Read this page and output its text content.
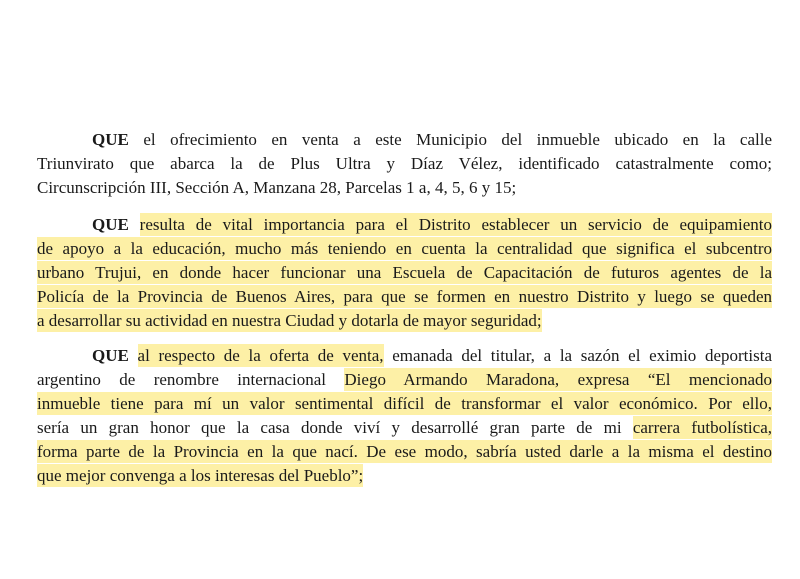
QUE el ofrecimiento en venta a este Municipio del inmueble ubicado en la calle
Triunvirato que abarca la de Plus Ultra y Díaz Vélez, identificado catastralmente como;
Circunscripción III, Sección A, Manzana 28, Parcelas 1 a, 4, 5, 6 y 15;
QUE resulta de vital importancia para el Distrito establecer un servicio de equipamiento
de apoyo a la educación, mucho más teniendo en cuenta la centralidad que significa el subcentro
urbano Trujui, en donde hacer funcionar una Escuela de Capacitación de futuros agentes de la
Policía de la Provincia de Buenos Aires, para que se formen en nuestro Distrito y luego se queden
a desarrollar su actividad en nuestra Ciudad y dotarla de mayor seguridad;
QUE al respecto de la oferta de venta, emanada del titular, a la sazón el eximio deportista
argentino de renombre internacional Diego Armando Maradona, expresa “El mencionado
inmueble tiene para mí un valor sentimental difícil de transformar el valor económico. Por ello,
sería un gran honor que la casa donde viví y desarrollé gran parte de mi carrera futbolística,
forma parte de la Provincia en la que nací. De ese modo, sabría usted darle a la misma el destino
que mejor convenga a los interesas del Pueblo”;
